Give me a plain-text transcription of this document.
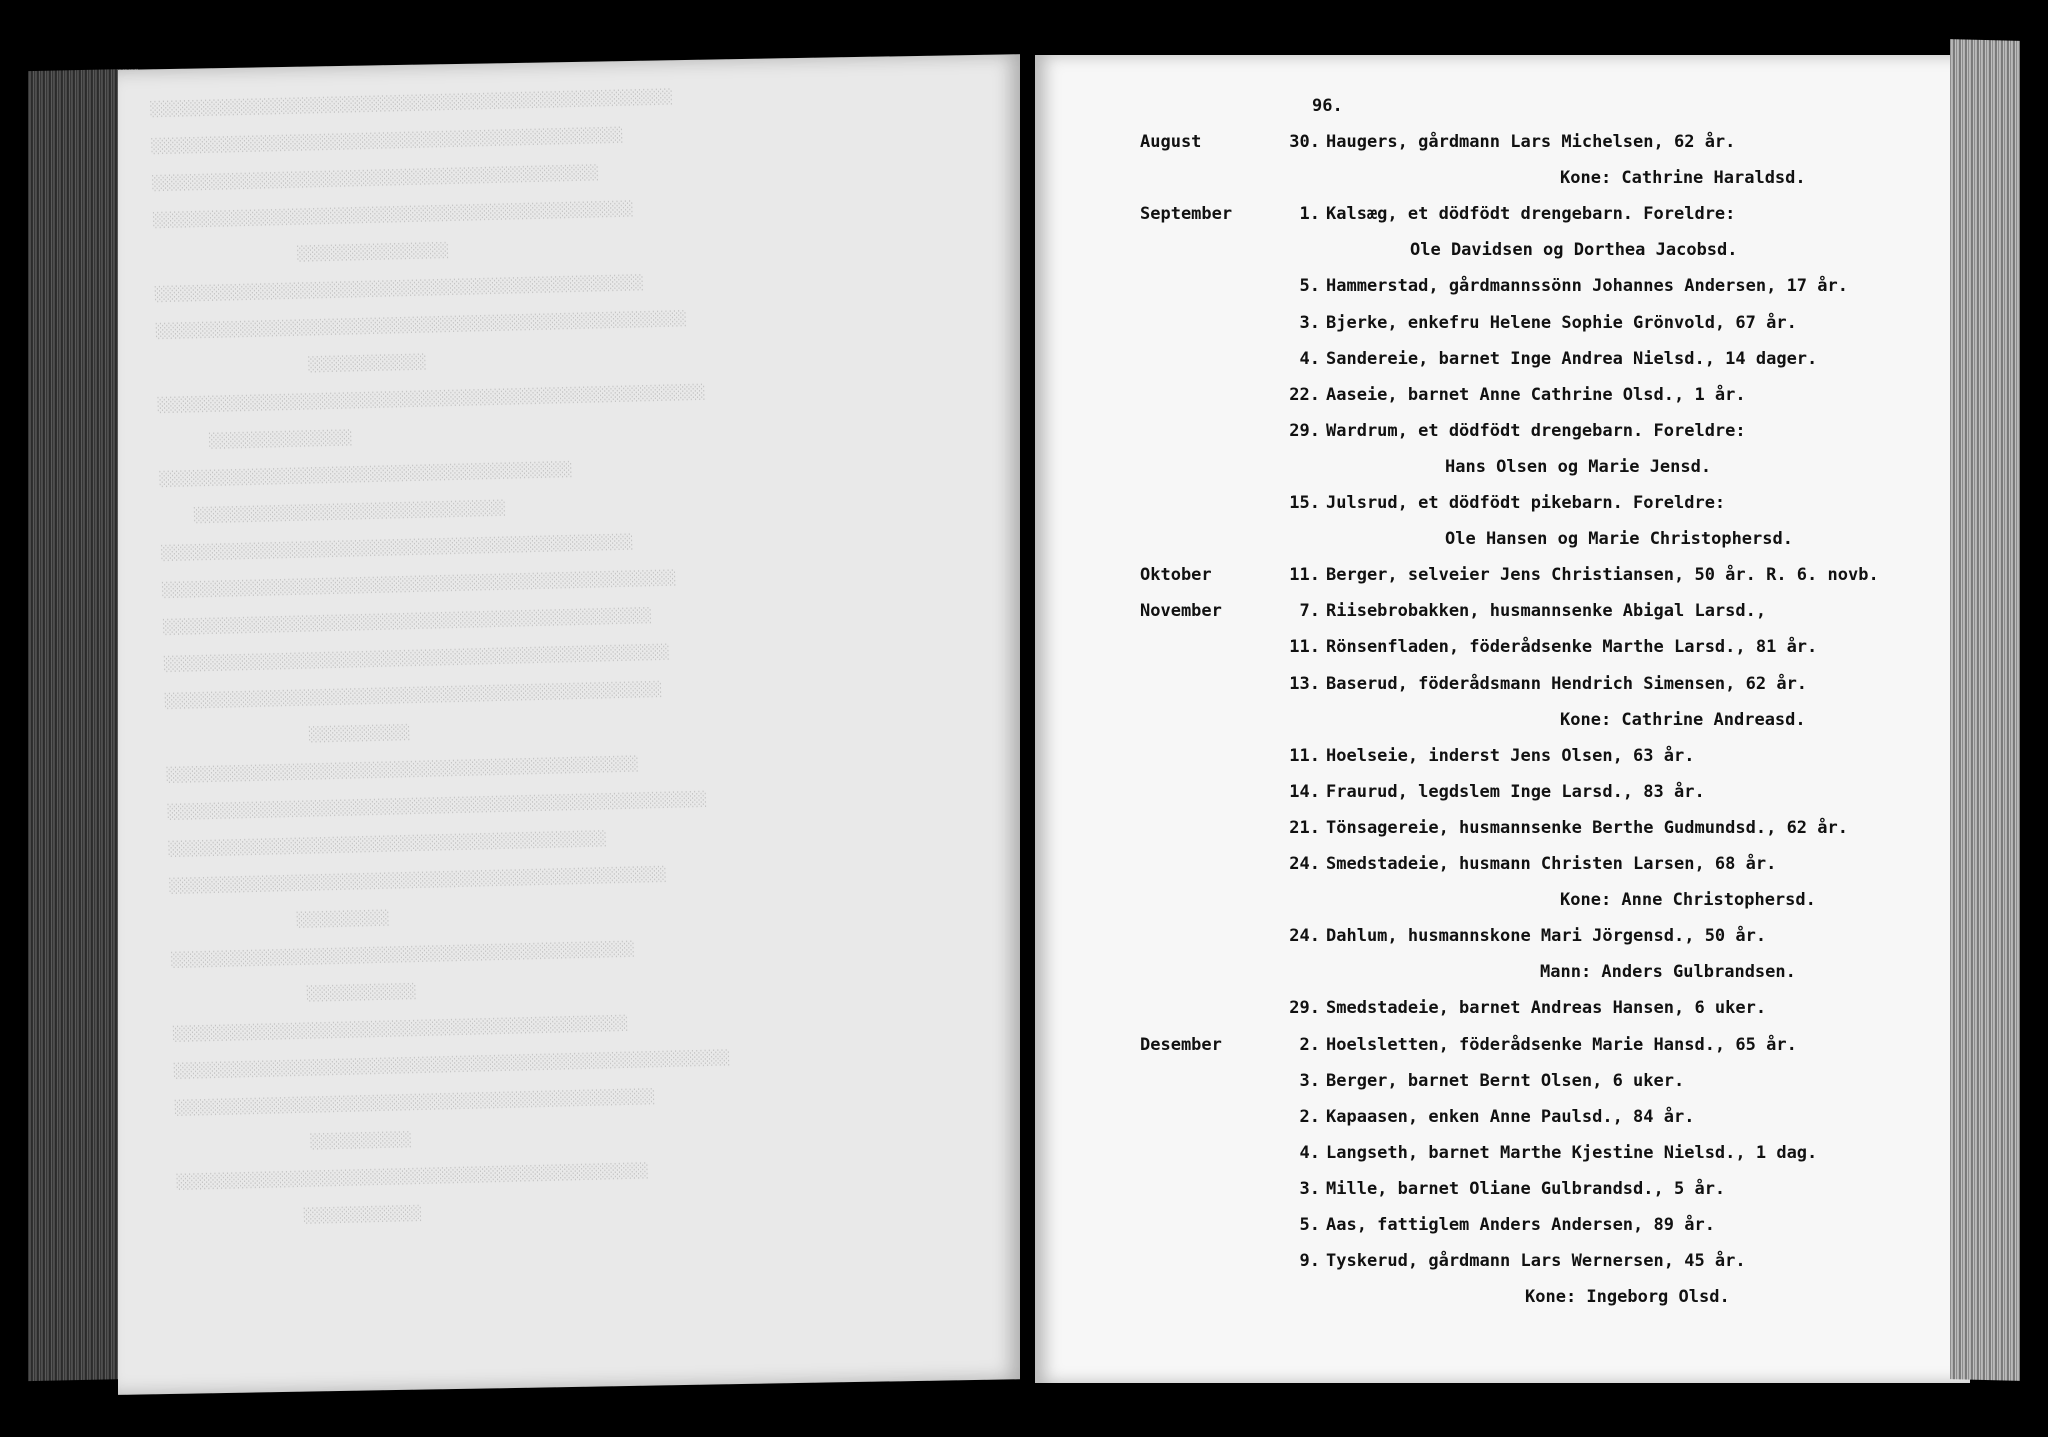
░░░░░░░░░░░░░░░░░░░░░░░░░░░░░░░░░░░░░░░░░░░░░░░░░░░░░░░░░░░░░░
░░░░░░░░░░░░░░░░░░░░░░░░░░░░░░░░░░░░░░░░░░░░░░░░░░░░░░░░
░░░░░░░░░░░░░░░░░░░░░░░░░░░░░░░░░░░░░░░░░░░░░░░░░░░░░
░░░░░░░░░░░░░░░░░░░░░░░░░░░░░░░░░░░░░░░░░░░░░░░░░░░░░░░░░
░░░░░░░░░░░░░░░░░░
░░░░░░░░░░░░░░░░░░░░░░░░░░░░░░░░░░░░░░░░░░░░░░░░░░░░░░░░░░
░░░░░░░░░░░░░░░░░░░░░░░░░░░░░░░░░░░░░░░░░░░░░░░░░░░░░░░░░░░░░░░
░░░░░░░░░░░░░░
░░░░░░░░░░░░░░░░░░░░░░░░░░░░░░░░░░░░░░░░░░░░░░░░░░░░░░░░░░░░░░░░░
░░░░░░░░░░░░░░░░░
░░░░░░░░░░░░░░░░░░░░░░░░░░░░░░░░░░░░░░░░░░░░░░░░░
░░░░░░░░░░░░░░░░░░░░░░░░░░░░░░░░░░░░░
░░░░░░░░░░░░░░░░░░░░░░░░░░░░░░░░░░░░░░░░░░░░░░░░░░░░░░░░
░░░░░░░░░░░░░░░░░░░░░░░░░░░░░░░░░░░░░░░░░░░░░░░░░░░░░░░░░░░░░
░░░░░░░░░░░░░░░░░░░░░░░░░░░░░░░░░░░░░░░░░░░░░░░░░░░░░░░░░░
░░░░░░░░░░░░░░░░░░░░░░░░░░░░░░░░░░░░░░░░░░░░░░░░░░░░░░░░░░░░
░░░░░░░░░░░░░░░░░░░░░░░░░░░░░░░░░░░░░░░░░░░░░░░░░░░░░░░░░░░
░░░░░░░░░░░░
░░░░░░░░░░░░░░░░░░░░░░░░░░░░░░░░░░░░░░░░░░░░░░░░░░░░░░░░
░░░░░░░░░░░░░░░░░░░░░░░░░░░░░░░░░░░░░░░░░░░░░░░░░░░░░░░░░░░░░░░░
░░░░░░░░░░░░░░░░░░░░░░░░░░░░░░░░░░░░░░░░░░░░░░░░░░░░
░░░░░░░░░░░░░░░░░░░░░░░░░░░░░░░░░░░░░░░░░░░░░░░░░░░░░░░░░░░
░░░░░░░░░░░
░░░░░░░░░░░░░░░░░░░░░░░░░░░░░░░░░░░░░░░░░░░░░░░░░░░░░░░
░░░░░░░░░░░░░
░░░░░░░░░░░░░░░░░░░░░░░░░░░░░░░░░░░░░░░░░░░░░░░░░░░░░░
░░░░░░░░░░░░░░░░░░░░░░░░░░░░░░░░░░░░░░░░░░░░░░░░░░░░░░░░░░░░░░░░░░
░░░░░░░░░░░░░░░░░░░░░░░░░░░░░░░░░░░░░░░░░░░░░░░░░░░░░░░░░
░░░░░░░░░░░░
░░░░░░░░░░░░░░░░░░░░░░░░░░░░░░░░░░░░░░░░░░░░░░░░░░░░░░░░
░░░░░░░░░░░░░░
96.
August	30. Haugers, gårdmann Lars Michelsen, 62 år.
Kone: Cathrine Haraldsd.
September	1. Kalsæg, et dödfödt drengebarn. Foreldre:
Ole Davidsen og Dorthea Jacobsd.
5. Hammerstad, gårdmannssönn Johannes Andersen, 17 år.
3. Bjerke, enkefru Helene Sophie Grönvold, 67 år.
4. Sandereie, barnet Inge Andrea Nielsd., 14 dager.
22. Aaseie, barnet Anne Cathrine Olsd., 1 år.
29. Wardrum, et dödfödt drengebarn. Foreldre:
Hans Olsen og Marie Jensd.
15. Julsrud, et dödfödt pikebarn. Foreldre:
Ole Hansen og Marie Christophersd.
Oktober	11. Berger, selveier Jens Christiansen, 50 år. R. 6. novb.
November	7. Riisebrobakken, husmannsenke Abigal Larsd.,
11. Rönsenfladen, föderådsenke Marthe Larsd., 81 år.
13. Baserud, föderådsmann Hendrich Simensen, 62 år.
Kone: Cathrine Andreasd.
11. Hoelseie, inderst Jens Olsen, 63 år.
14. Fraurud, legdslem Inge Larsd., 83 år.
21. Tönsagereie, husmannsenke Berthe Gudmundsd., 62 år.
24. Smedstadeie, husmann Christen Larsen, 68 år.
Kone: Anne Christophersd.
24. Dahlum, husmannskone Mari Jörgensd., 50 år.
Mann: Anders Gulbrandsen.
29. Smedstadeie, barnet Andreas Hansen, 6 uker.
Desember	2. Hoelsletten, föderådsenke Marie Hansd., 65 år.
3. Berger, barnet Bernt Olsen, 6 uker.
2. Kapaasen, enken Anne Paulsd., 84 år.
4. Langseth, barnet Marthe Kjestine Nielsd., 1 dag.
3. Mille, barnet Oliane Gulbrandsd., 5 år.
5. Aas, fattiglem Anders Andersen, 89 år.
9. Tyskerud, gårdmann Lars Wernersen, 45 år.
Kone: Ingeborg Olsd.
